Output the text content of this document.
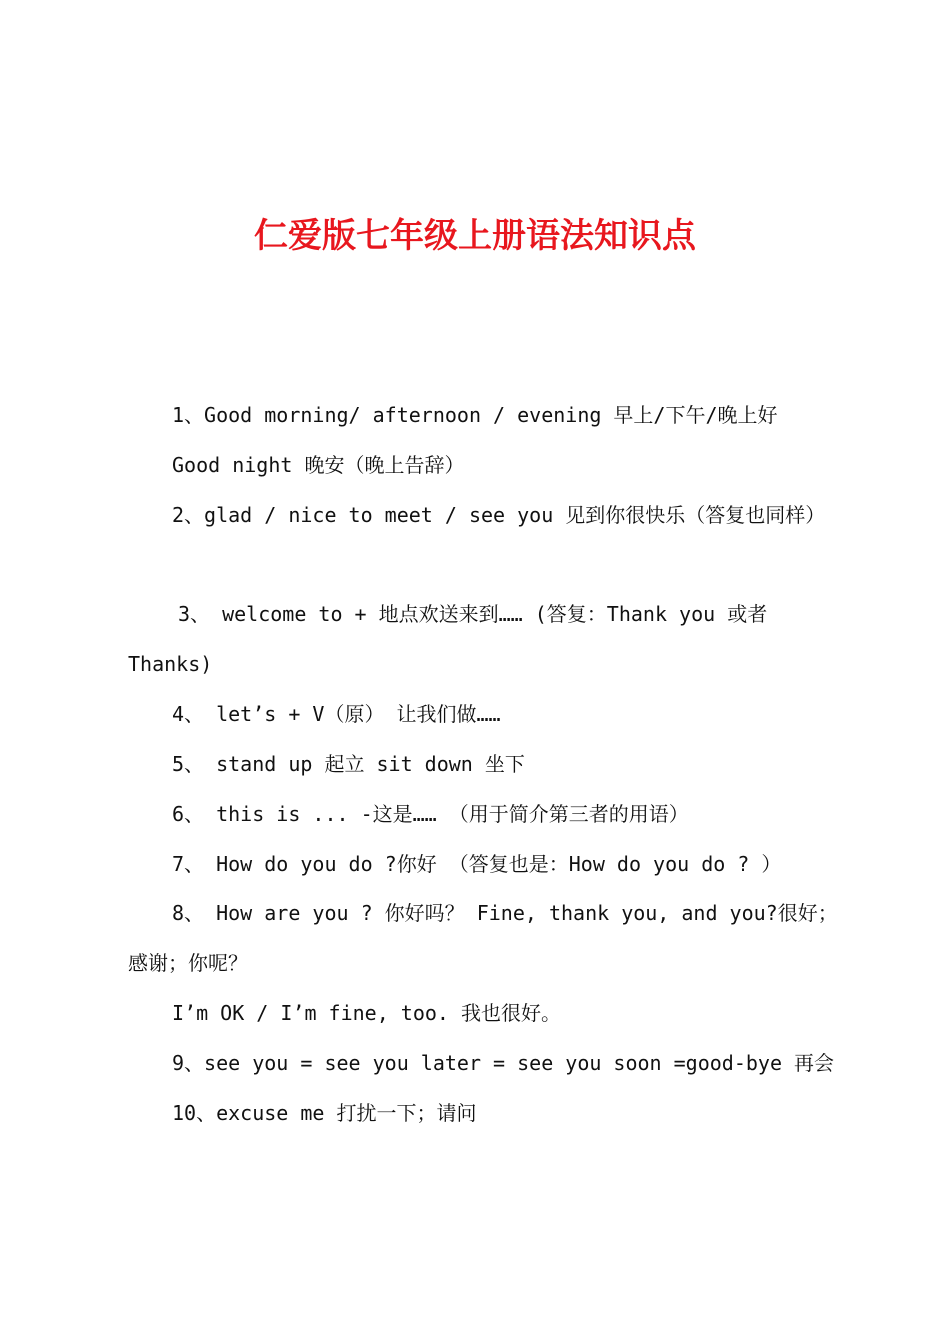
仁爱版七年级上册语法知识点
1、Good morning/ afternoon / evening 早上/下午/晚上好
Good night 晚安（晚上告辞）
2、glad / nice to meet / see you 见到你很快乐（答复也同样）
3、 welcome to + 地点欢送来到…… (答复：Thank you 或者
Thanks)
4、 let’s + V（原） 让我们做……
5、 stand up 起立 sit down 坐下
6、 this is ... -这是…… （用于简介第三者的用语）
7、 How do you do ?你好 （答复也是：How do you do ? ）
8、 How are you ? 你好吗？ Fine, thank you, and you?很好；
感谢；你呢？
I’m OK / I’m fine, too. 我也很好。
9、see you = see you later = see you soon =good-bye 再会
10、excuse me 打扰一下；请问
